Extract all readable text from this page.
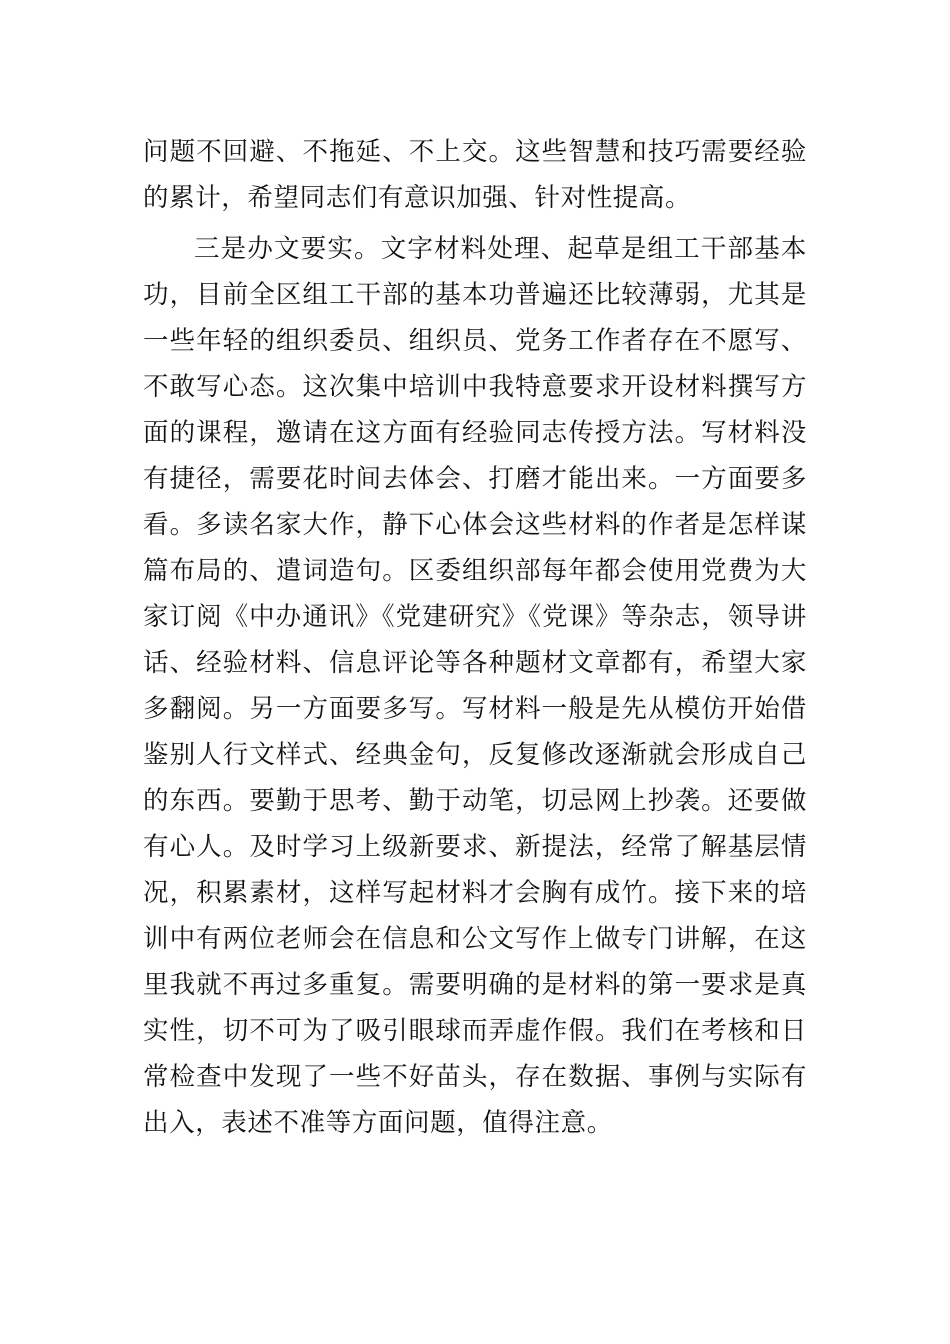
问题不回避、不拖延、不上交。这些智慧和技巧需要经验的累计，希望同志们有意识加强、针对性提高。

三是办文要实。文字材料处理、起草是组工干部基本功，目前全区组工干部的基本功普遍还比较薄弱，尤其是一些年轻的组织委员、组织员、党务工作者存在不愿写、不敢写心态。这次集中培训中我特意要求开设材料撰写方面的课程，邀请在这方面有经验同志传授方法。写材料没有捷径，需要花时间去体会、打磨才能出来。一方面要多看。多读名家大作，静下心体会这些材料的作者是怎样谋篇布局的、遣词造句。区委组织部每年都会使用党费为大家订阅《中办通讯》《党建研究》《党课》等杂志，领导讲话、经验材料、信息评论等各种题材文章都有，希望大家多翻阅。另一方面要多写。写材料一般是先从模仿开始借鉴别人行文样式、经典金句，反复修改逐渐就会形成自己的东西。要勤于思考、勤于动笔，切忌网上抄袭。还要做有心人。及时学习上级新要求、新提法，经常了解基层情况，积累素材，这样写起材料才会胸有成竹。接下来的培训中有两位老师会在信息和公文写作上做专门讲解，在这里我就不再过多重复。需要明确的是材料的第一要求是真实性，切不可为了吸引眼球而弄虚作假。我们在考核和日常检查中发现了一些不好苗头，存在数据、事例与实际有出入，表述不准等方面问题，值得注意。
